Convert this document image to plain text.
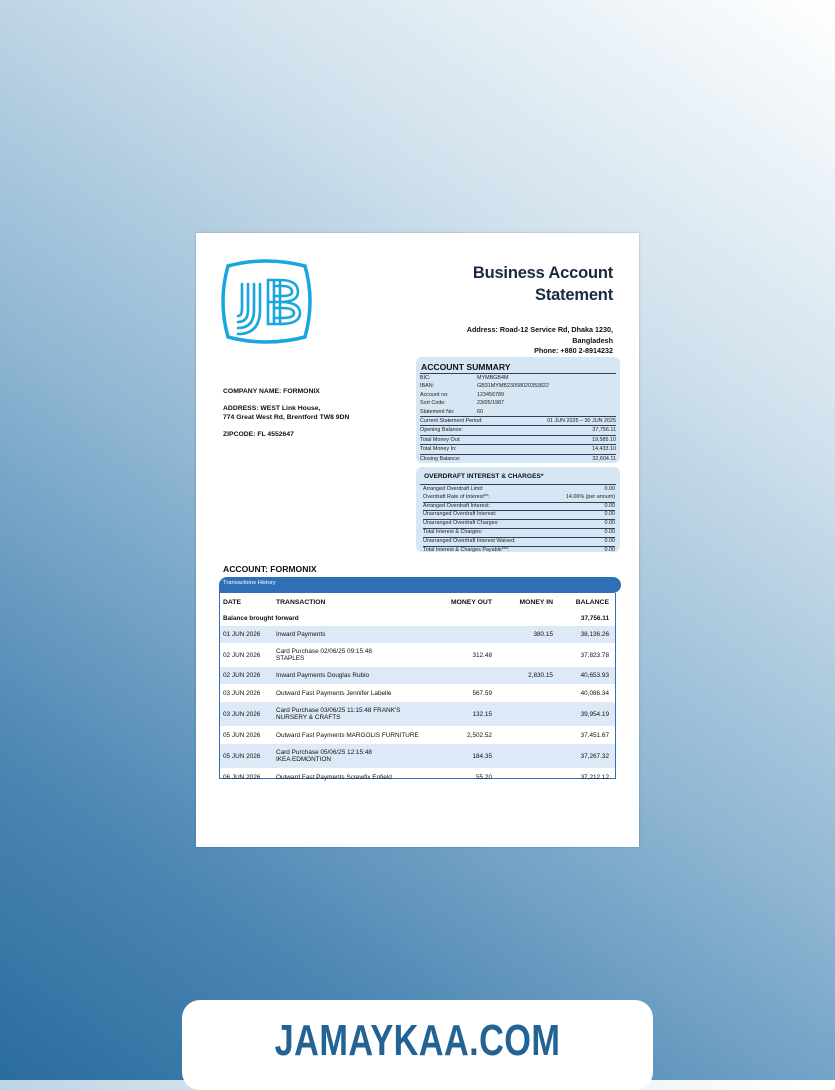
Business Account
Statement
Address: Road-12 Service Rd, Dhaka 1230,
Bangladesh
Phone: +880 2-8914232
COMPANY NAME: FORMONIX
ADDRESS: WEST Link House,
774 Great West Rd, Brentford TW8 9DN
ZIPCODE: FL 4552647
ACCOUNT SUMMARY
BIC:	MYMBGB4M
IBAN:	GB31MYMB23058020353822
Account no:	123456789
Sort Code:	23/05/1987
Statement No:	60
Current Statement Period:	01 JUN 2025 – 30 JUN 2025
Opening Balance:	37,756.11
Total Money Out:	19,585.10
Total Money In:	14,433.10
Closing Balance:	32,604.11
OVERDRAFT INTEREST & CHARGES*
Arranged Overdraft Limit:	0.00
Overdraft Rate of Interest**:	14.06% (per annum)
Arranged Overdraft Interest:	0.00
Unarranged Overdraft Interest:	0.00
Unarranged Overdraft Charges:	0.00
Total Interest & Charges:	0.00
Unarranged Overdraft Interest Waived:	0.00
Total Interest & Charges Payable***:	0.00
ACCOUNT: FORMONIX
Transactions History
DATE	TRANSACTION	MONEY OUT	MONEY IN	BALANCE
Balance brought forward				37,756.11
01 JUN 2026	Inward Payments		380.15	38,136.26
02 JUN 2026	Card Purchase 02/06/25 09:15:48
STAPLES	312.48		37,823.78
02 JUN 2026	Inward Payments Douglas Rubio		2,830.15	40,653.93
03 JUN 2026	Outward Fast Payments Jennifer Labelle	567.59		40,086.34
03 JUN 2026	Card Purchase 03/06/25 11:15:48 FRANK'S
NURSERY & CRAFTS	132.15		39,954.19
05 JUN 2026	Outward Fast Payments MARGOLIS FURNITURE	2,502.52		37,451.67
05 JUN 2026	Card Purchase 05/06/25 12:15:48
IKEA EDMONTION	184.35		37,267.32
06 JUN 2026	Outward Fast Payments Screwfix Enfield	55.20		37,212.12
JAMAYKAA.COM
